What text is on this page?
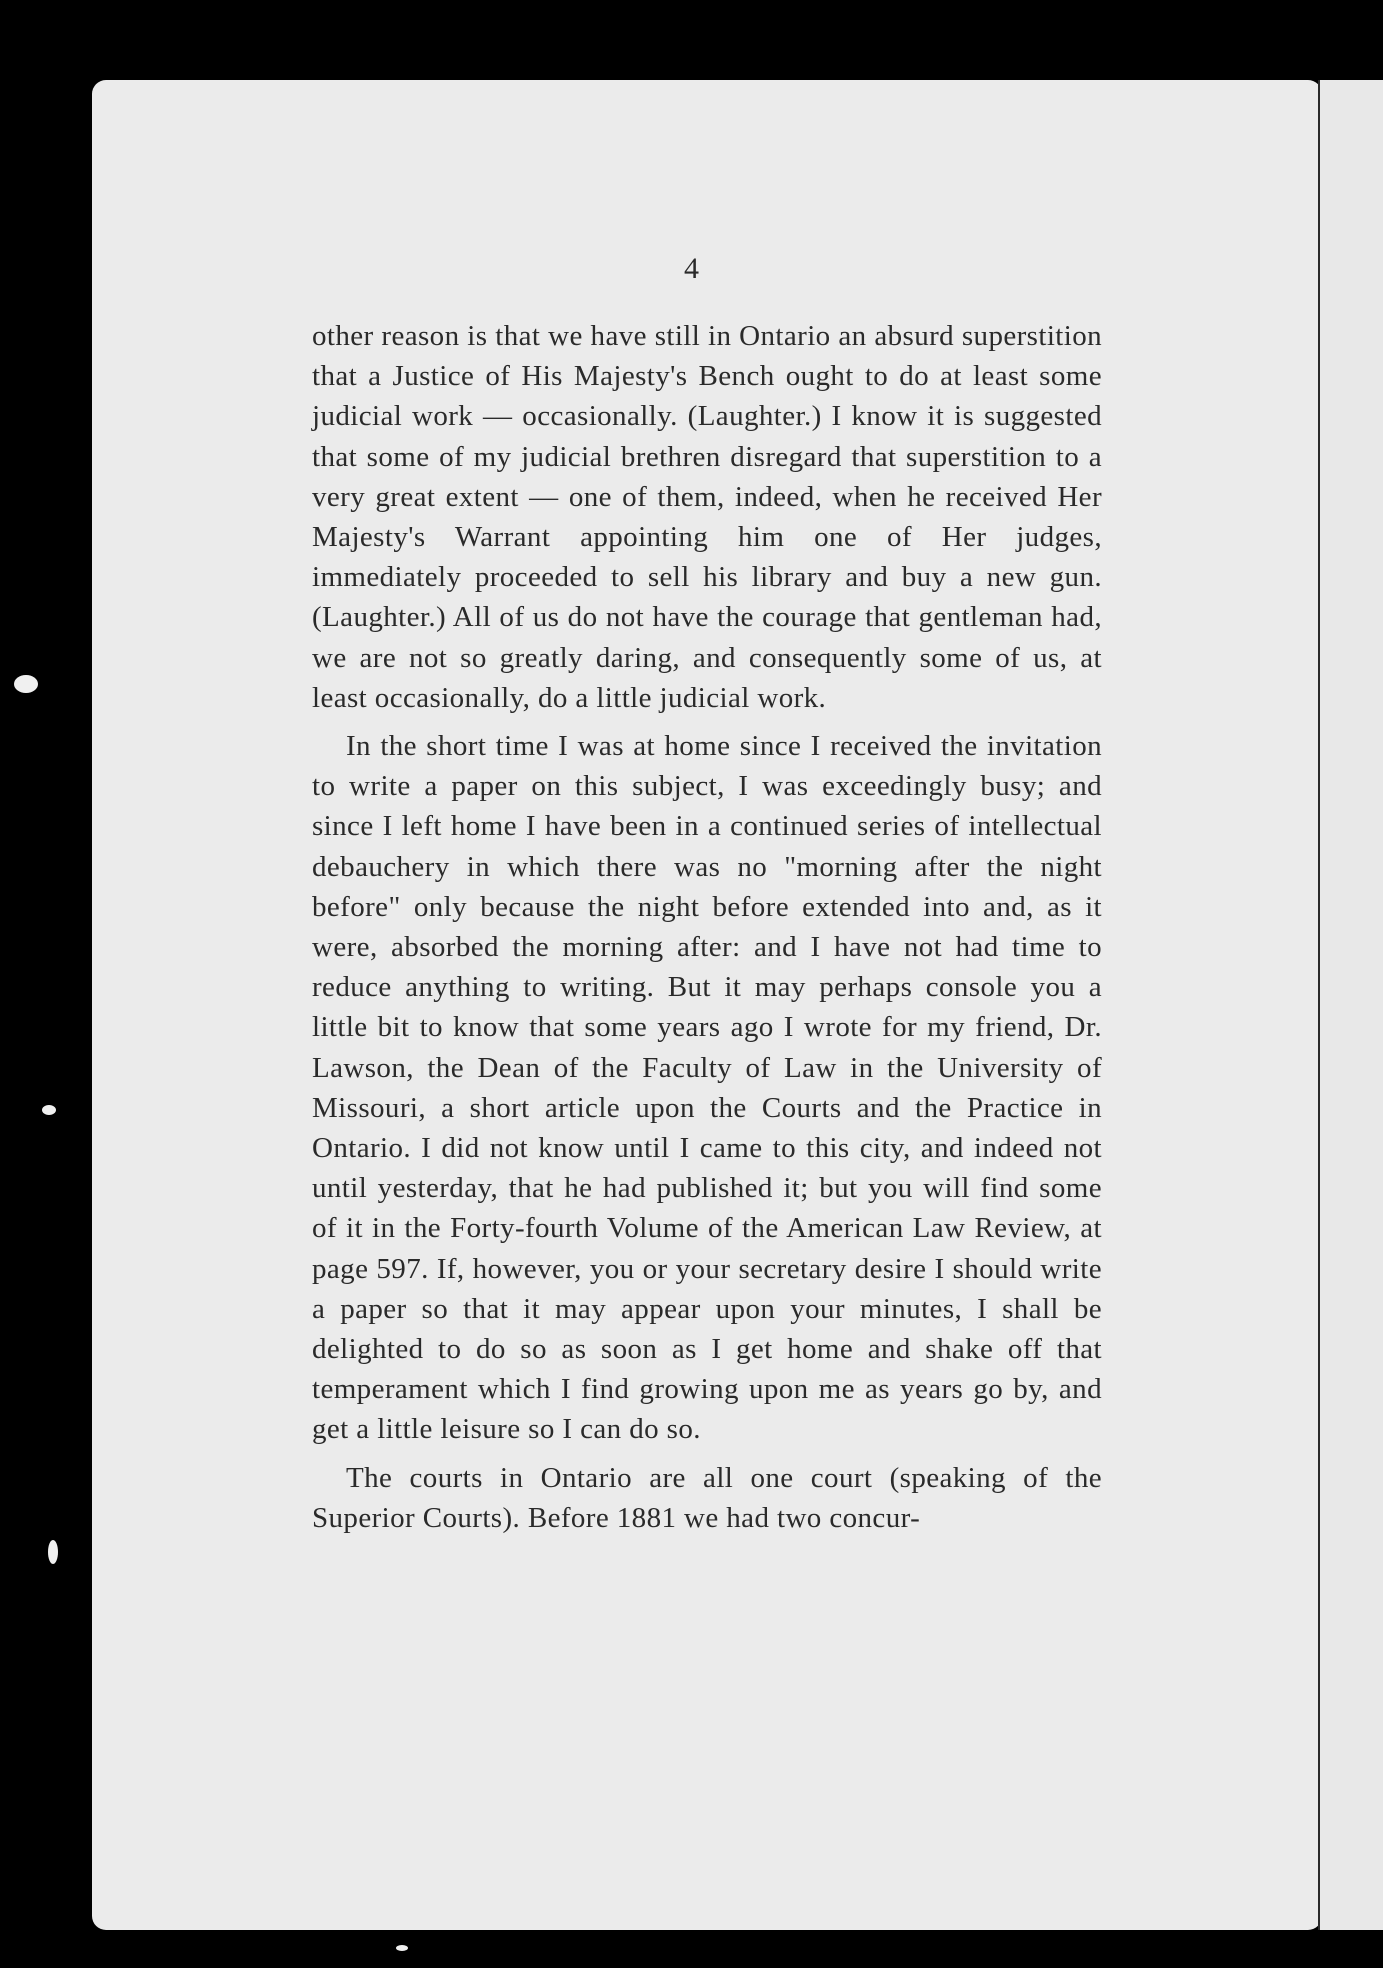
4

other reason is that we have still in Ontario an absurd superstition that a Justice of His Majesty's Bench ought to do at least some judicial work — occasionally. (Laughter.) I know it is suggested that some of my judicial brethren disregard that superstition to a very great extent — one of them, indeed, when he received Her Majesty's Warrant appointing him one of Her judges, immediately proceeded to sell his library and buy a new gun. (Laughter.) All of us do not have the courage that gentleman had, we are not so greatly daring, and consequently some of us, at least occasionally, do a little judicial work.

In the short time I was at home since I received the invitation to write a paper on this subject, I was exceedingly busy; and since I left home I have been in a continued series of intellectual debauchery in which there was no "morning after the night before" only because the night before extended into and, as it were, absorbed the morning after: and I have not had time to reduce anything to writing. But it may perhaps console you a little bit to know that some years ago I wrote for my friend, Dr. Lawson, the Dean of the Faculty of Law in the University of Missouri, a short article upon the Courts and the Practice in Ontario. I did not know until I came to this city, and indeed not until yesterday, that he had published it; but you will find some of it in the Forty-fourth Volume of the American Law Review, at page 597. If, however, you or your secretary desire I should write a paper so that it may appear upon your minutes, I shall be delighted to do so as soon as I get home and shake off that temperament which I find growing upon me as years go by, and get a little leisure so I can do so.

The courts in Ontario are all one court (speaking of the Superior Courts). Before 1881 we had two concur-
